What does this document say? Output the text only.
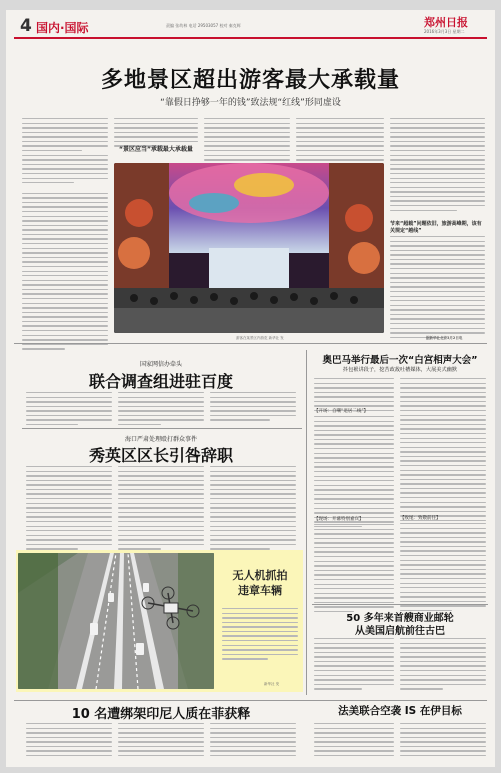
4 国内·国际	责编 张幼林 电话 29503057 校对 秦克辉	郑州日报
2016年3月3日 星期二
多地景区超出游客最大承载量
“靠假日挣够一年的钱”致法规“红线”形同虚设
“景区应当”承载最大承载量
游客在某景区内游览 新华社 发
节来“超载”问题依旧，旅游高峰期，该有关规定“越线”
据新华社北京3月2日电
国家网信办牵头
联合调查组进驻百度
海口严肃处理殴打群众事件
秀英区区长引咎辞职
奥巴马举行最后一次“白宫相声大会”
抖包袱讲段子，挖苦政敌吐槽媒体，大展美式幽默
【开场：自嘲“退居二线”】
【现场：开幕特别嘉宾】	【收尾：致敬前任】
50 多年来首艘商业邮轮
从美国启航前往古巴
无人机抓拍
违章车辆
新华社 发
10 名遭绑架印尼人质在菲获释	法美联合空袭 IS 在伊目标
